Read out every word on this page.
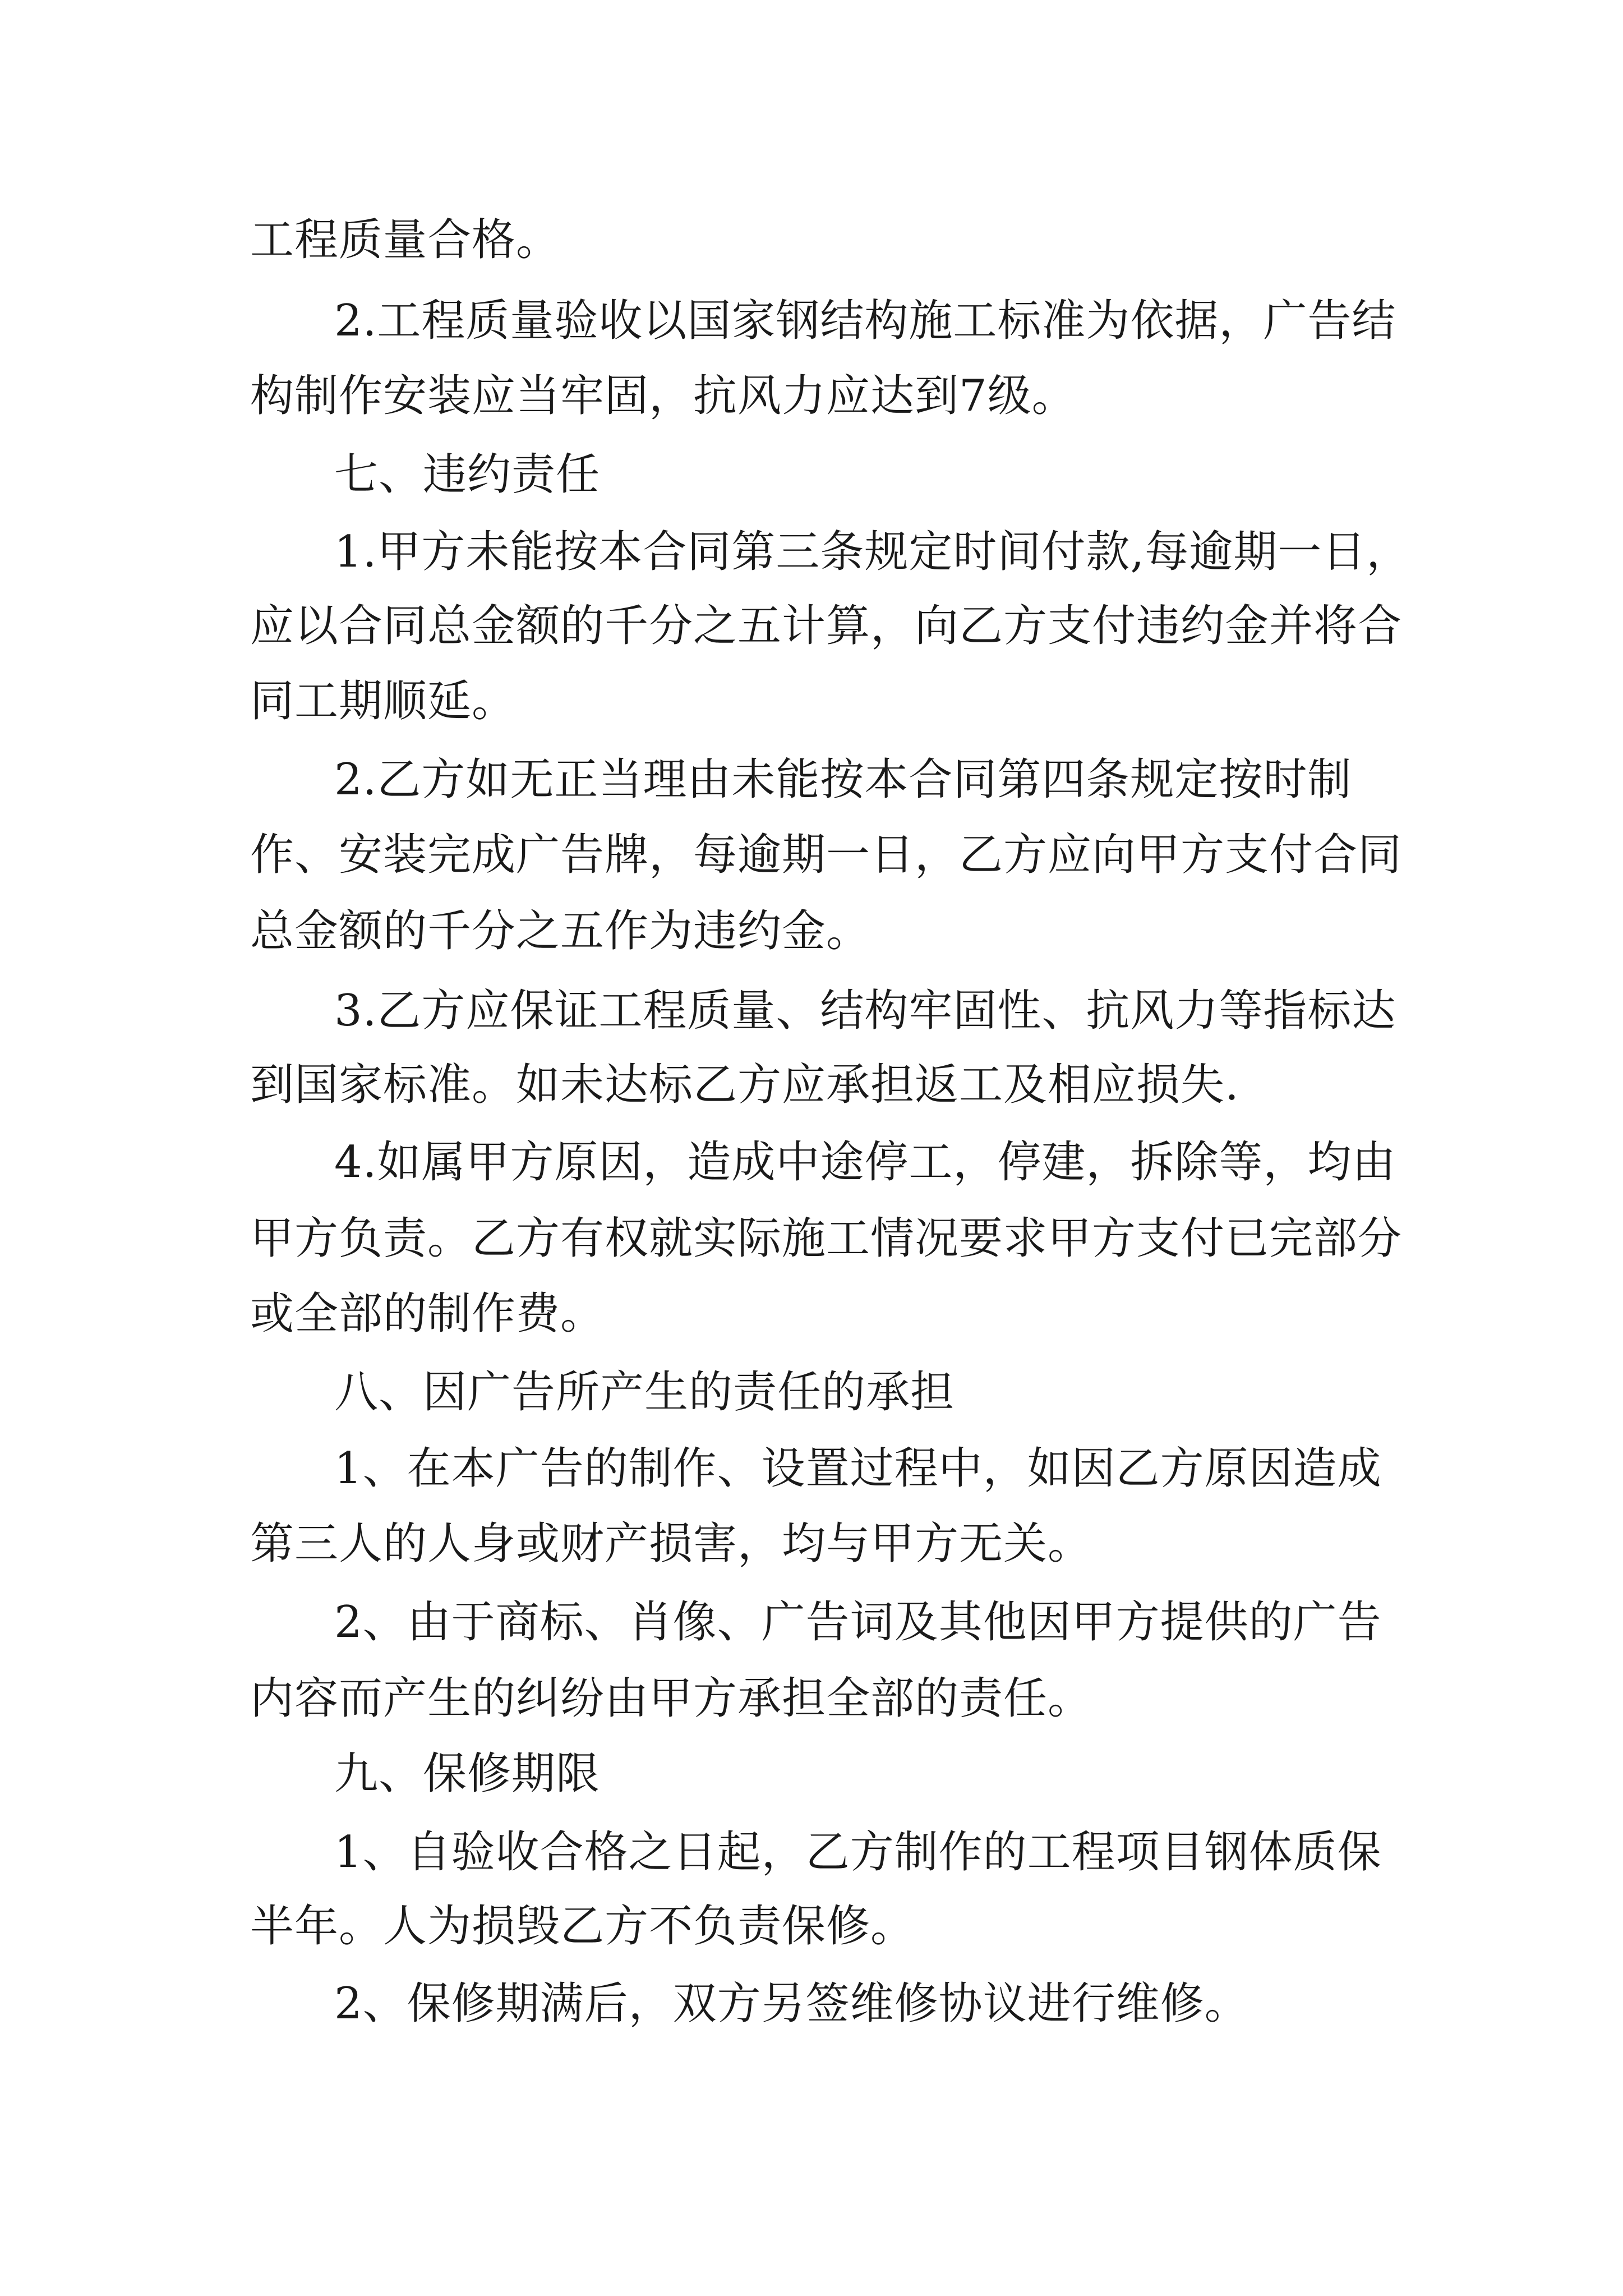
工程质量合格。
2.工程质量验收以国家钢结构施工标准为依据，广告结
构制作安装应当牢固，抗风力应达到7级。
七、违约责任
1.甲方未能按本合同第三条规定时间付款,每逾期一日，
应以合同总金额的千分之五计算，向乙方支付违约金并将合
同工期顺延。
2.乙方如无正当理由未能按本合同第四条规定按时制
作、安装完成广告牌，每逾期一日，乙方应向甲方支付合同
总金额的千分之五作为违约金。
3.乙方应保证工程质量、结构牢固性、抗风力等指标达
到国家标准。如未达标乙方应承担返工及相应损失.
4.如属甲方原因，造成中途停工，停建，拆除等，均由
甲方负责。乙方有权就实际施工情况要求甲方支付已完部分
或全部的制作费。
八、因广告所产生的责任的承担
1、在本广告的制作、设置过程中，如因乙方原因造成
第三人的人身或财产损害，均与甲方无关。
2、由于商标、肖像、广告词及其他因甲方提供的广告
内容而产生的纠纷由甲方承担全部的责任。
九、保修期限
1、自验收合格之日起，乙方制作的工程项目钢体质保
半年。人为损毁乙方不负责保修。
2、保修期满后，双方另签维修协议进行维修。
